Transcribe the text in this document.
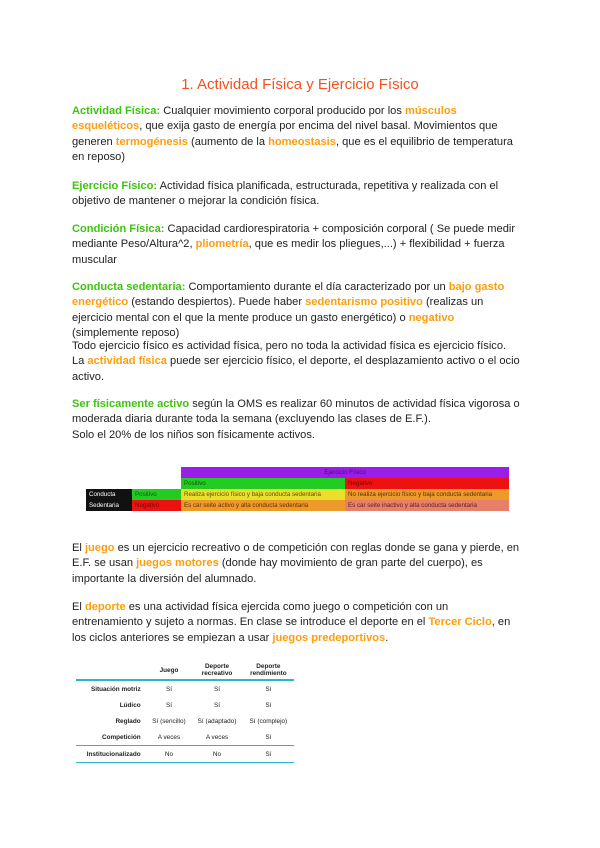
1. Actividad Física y Ejercicio Físico
Actividad Física: Cualquier movimiento corporal producido por los músculos esqueléticos, que exija gasto de energía por encima del nivel basal. Movimientos que generen termogénesis (aumento de la homeostasis, que es el equilibrio de temperatura en reposo)
Ejercicio Físico: Actividad física planificada, estructurada, repetitiva y realizada con el objetivo de mantener o mejorar la condición física.
Condición Física: Capacidad cardiorespiratoria + composición corporal ( Se puede medir mediante Peso/Altura^2, pliometría, que es medir los pliegues,...) + flexibilidad + fuerza muscular
Conducta sedentaria: Comportamiento durante el día caracterizado por un bajo gasto energético (estando despiertos). Puede haber sedentarismo positivo (realizas un ejercicio mental con el que la mente produce un gasto energético) o negativo (simplemente reposo)
Todo ejercicio físico es actividad física, pero no toda la actividad física es ejercicio físico.
La actividad física puede ser ejercicio físico, el deporte, el desplazamiento activo o el ocio activo.
Ser físicamente activo según la OMS es realizar 60 minutos de actividad física vigorosa o moderada diaria durante toda la semana (excluyendo las clases de E.F.).
Solo el 20% de los niños son físicamente activos.
		Ejercicio Físico	
		Positivo	Negativo
Conducta	Positivo	Realiza ejercicio físico y baja conducta sedentaria	No realiza ejercicio físico y baja conducta sedentaria
Sedentaria	Negativo	Es car seite activo y alta conducta sedentaria	Es car seite inactivo y alta conducta sedentaria
El juego es un ejercicio recreativo o de competición con reglas donde se gana y pierde, en E.F. se usan juegos motores (donde hay movimiento de gran parte del cuerpo), es importante la diversión del alumnado.
El deporte es una actividad física ejercida como juego o competición con un entrenamiento y sujeto a normas. En clase se introduce el deporte en el Tercer Ciclo, en los ciclos anteriores se empiezan a usar juegos predeportivos.
	Juego	Deporte recreativo	Deporte rendimiento
Situación motriz	Sí	Sí	Sí
Lúdico	Sí	Sí	Sí
Reglado	Sí (sencillo)	Sí (adaptado)	Sí (complejo)
Competición	A veces	A veces	Sí
Institucionalizado	No	No	Sí
